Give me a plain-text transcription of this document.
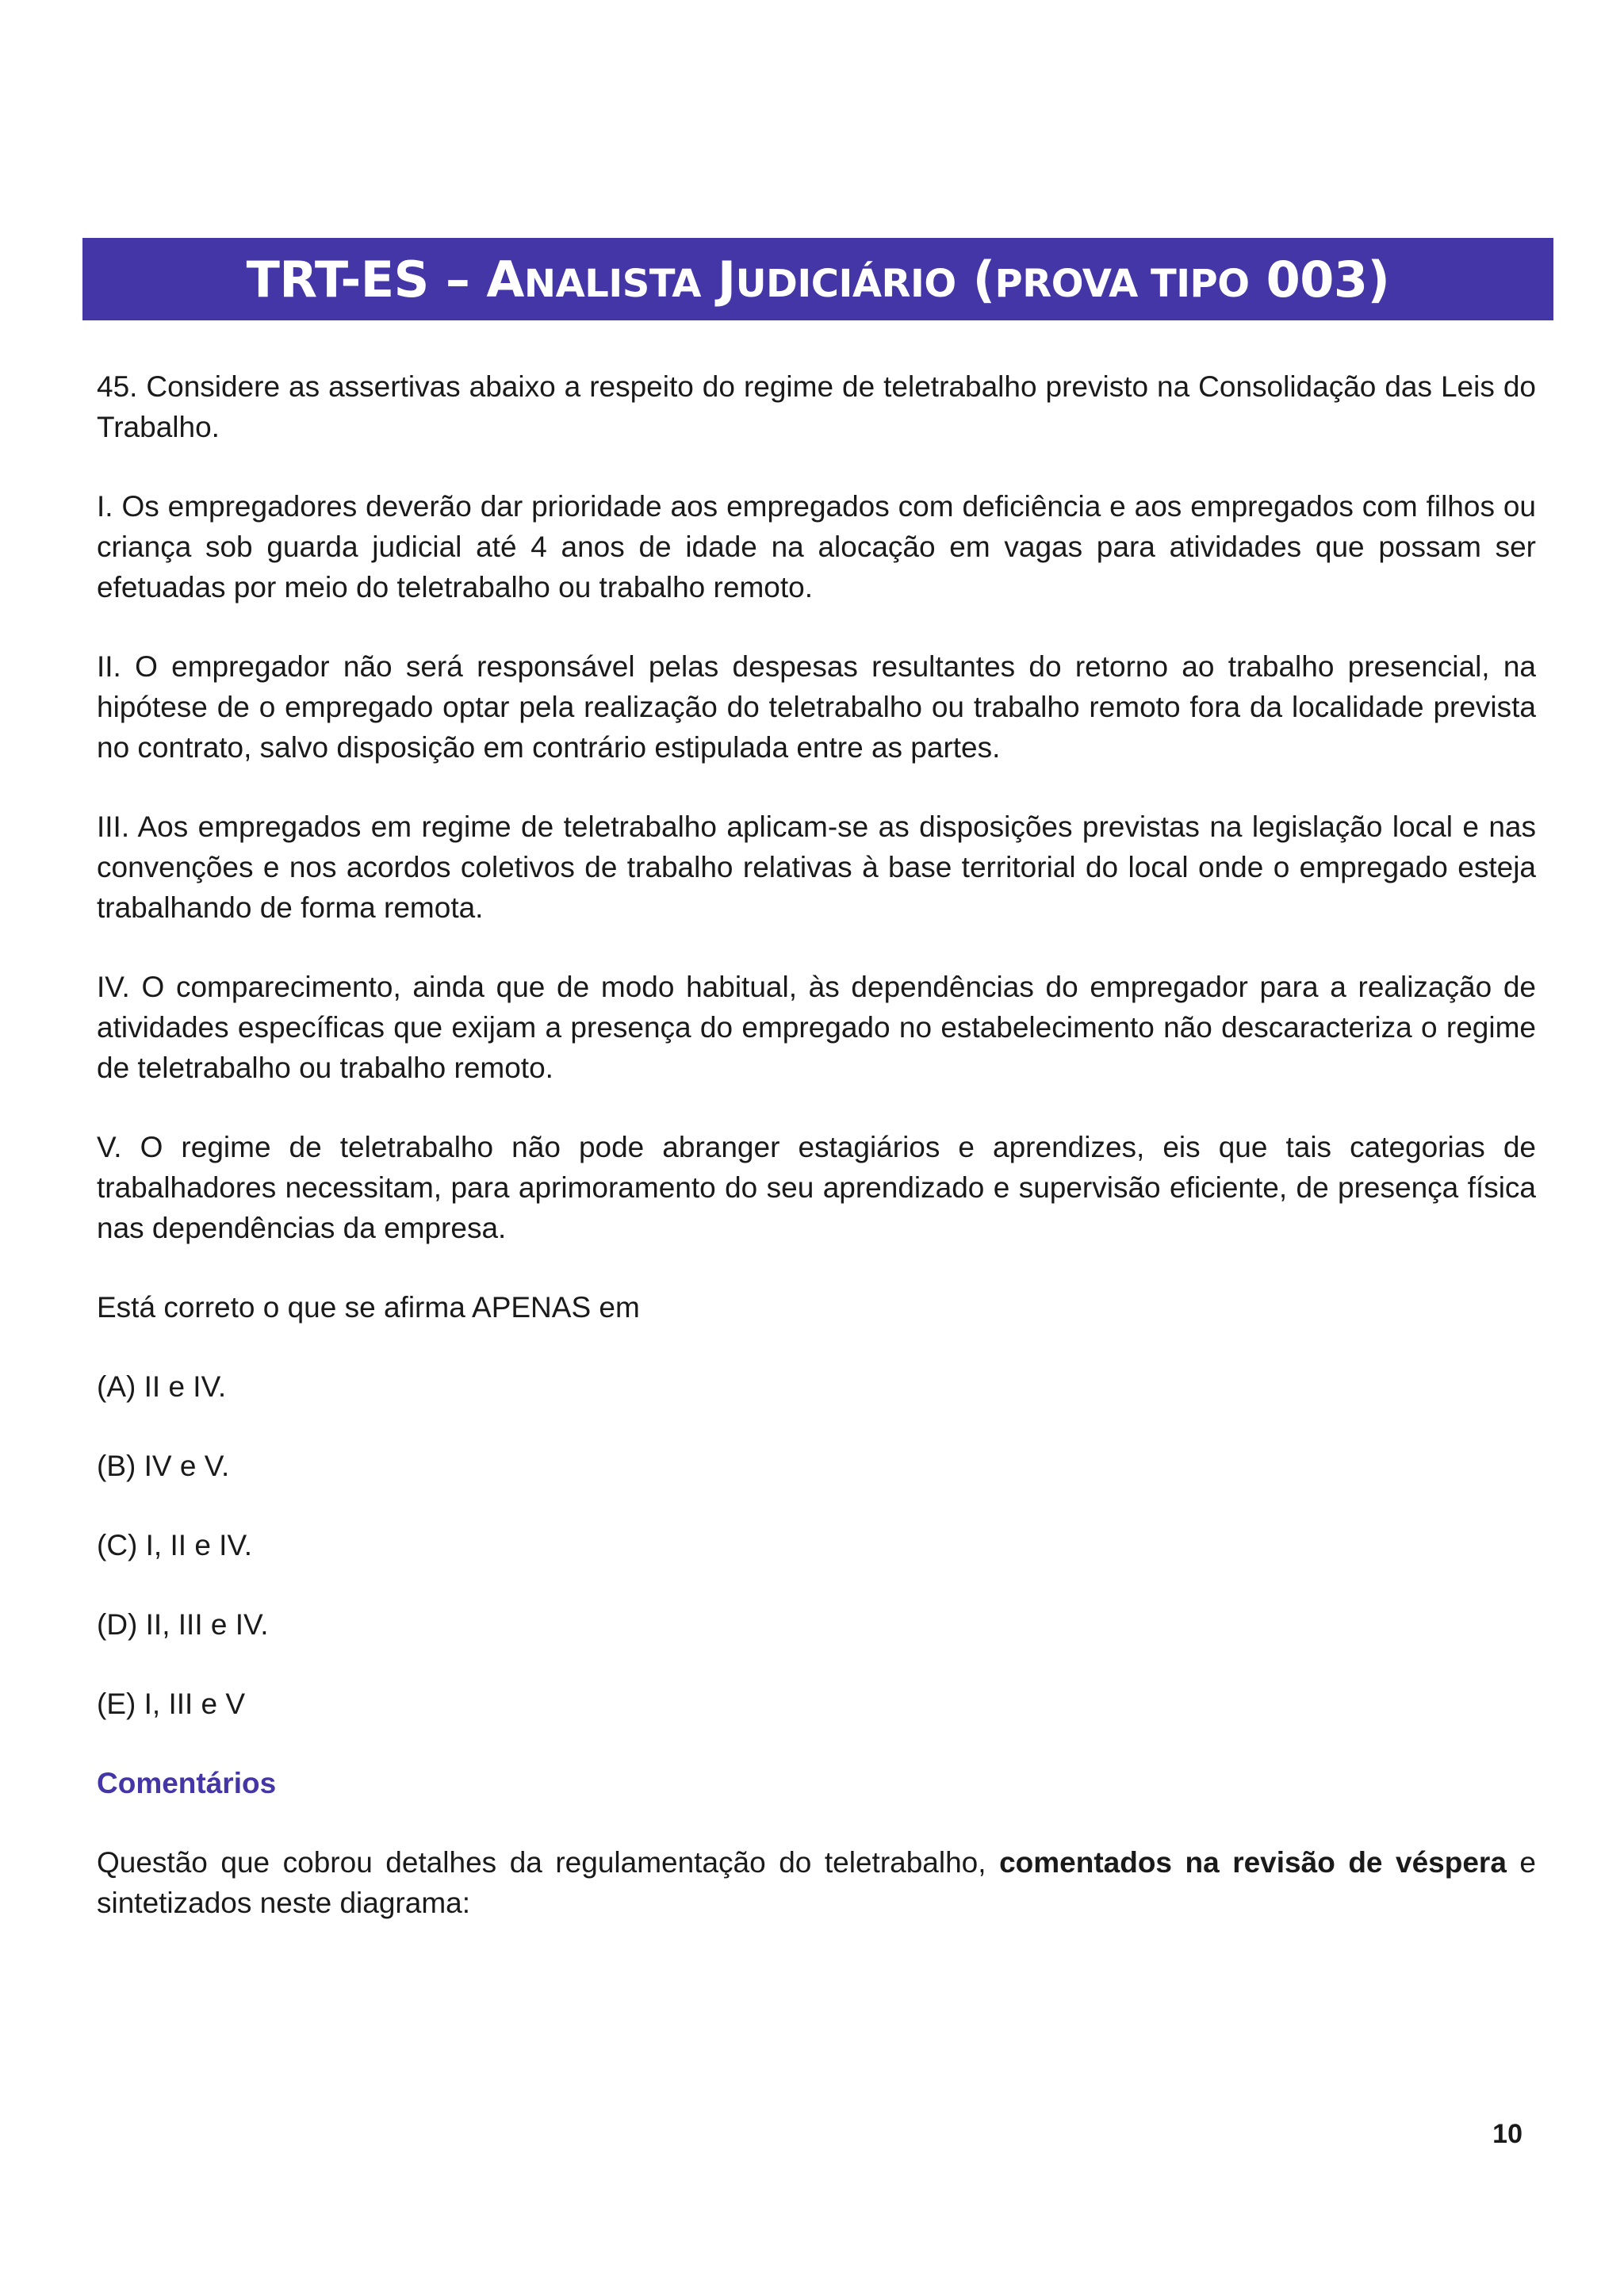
TRT-ES – ANALISTA JUDICIÁRIO (PROVA TIPO 003)

45. Considere as assertivas abaixo a respeito do regime de teletrabalho previsto na Consolidação das Leis do Trabalho.

I. Os empregadores deverão dar prioridade aos empregados com deficiência e aos empregados com filhos ou criança sob guarda judicial até 4 anos de idade na alocação em vagas para atividades que possam ser efetuadas por meio do teletrabalho ou trabalho remoto.

II. O empregador não será responsável pelas despesas resultantes do retorno ao trabalho presencial, na hipótese de o empregado optar pela realização do teletrabalho ou trabalho remoto fora da localidade prevista no contrato, salvo disposição em contrário estipulada entre as partes.

III. Aos empregados em regime de teletrabalho aplicam-se as disposições previstas na legislação local e nas convenções e nos acordos coletivos de trabalho relativas à base territorial do local onde o empregado esteja trabalhando de forma remota.

IV. O comparecimento, ainda que de modo habitual, às dependências do empregador para a realização de atividades específicas que exijam a presença do empregado no estabelecimento não descaracteriza o regime de teletrabalho ou trabalho remoto.

V. O regime de teletrabalho não pode abranger estagiários e aprendizes, eis que tais categorias de trabalhadores necessitam, para aprimoramento do seu aprendizado e supervisão eficiente, de presença física nas dependências da empresa.

Está correto o que se afirma APENAS em

(A) II e IV.

(B) IV e V.

(C) I, II e IV.

(D) II, III e IV.

(E) I, III e V

Comentários

Questão que cobrou detalhes da regulamentação do teletrabalho, comentados na revisão de véspera e sintetizados neste diagrama:

10
